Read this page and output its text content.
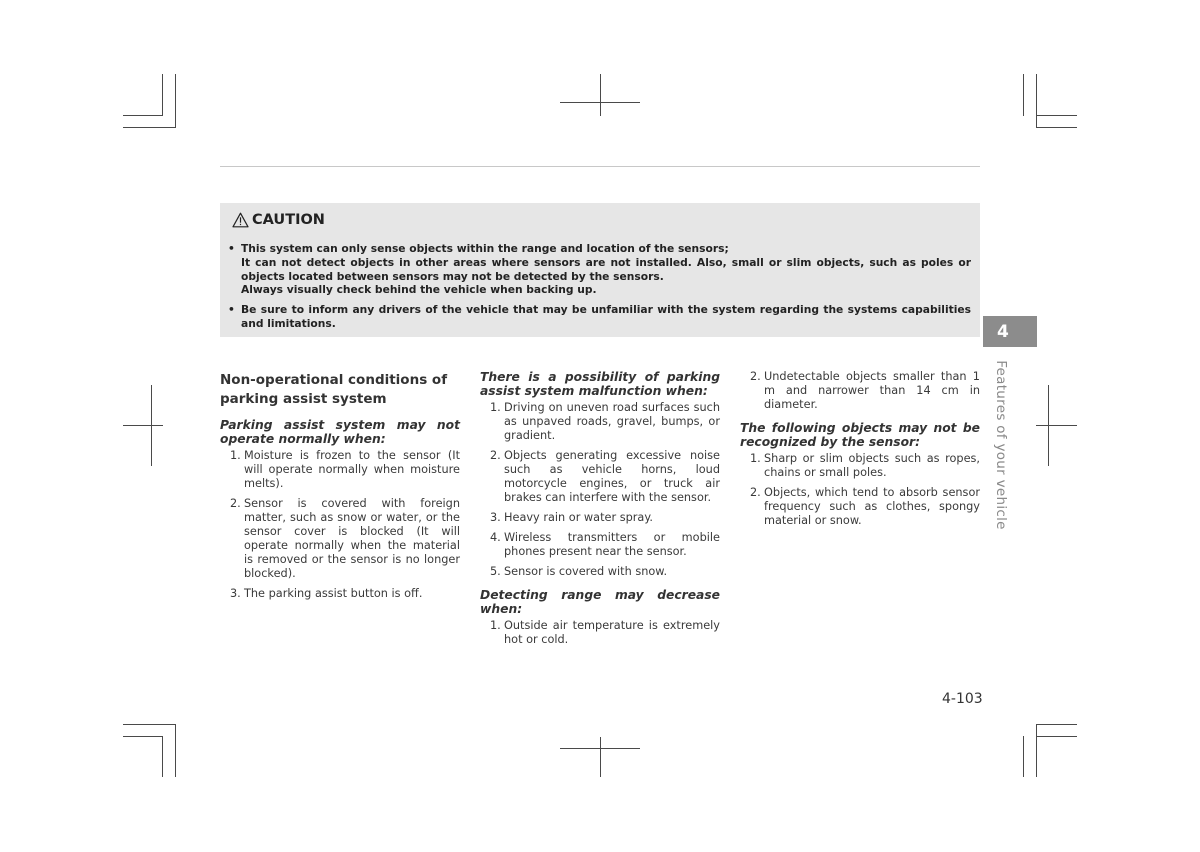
CAUTION
• This system can only sense objects within the range and location of the sensors;
It can not detect objects in other areas where sensors are not installed. Also, small or slim objects, such as poles or objects located between sensors may not be detected by the sensors.
Always visually check behind the vehicle when backing up.
• Be sure to inform any drivers of the vehicle that may be unfamiliar with the system regarding the systems capabilities and limitations.
Non-operational conditions of parking assist system
Parking assist system may not operate normally when:
1. Moisture is frozen to the sensor (It will operate normally when moisture melts).
2. Sensor is covered with foreign matter, such as snow or water, or the sensor cover is blocked (It will operate normally when the material is removed or the sensor is no longer blocked).
3. The parking assist button is off.
There is a possibility of parking assist system malfunction when:
1. Driving on uneven road surfaces such as unpaved roads, gravel, bumps, or gradient.
2. Objects generating excessive noise such as vehicle horns, loud motorcycle engines, or truck air brakes can interfere with the sensor.
3. Heavy rain or water spray.
4. Wireless transmitters or mobile phones present near the sensor.
5. Sensor is covered with snow.
Detecting range may decrease when:
1. Outside air temperature is extremely hot or cold.
2. Undetectable objects smaller than 1 m and narrower than 14 cm in diameter.
The following objects may not be recognized by the sensor:
1. Sharp or slim objects such as ropes, chains or small poles.
2. Objects, which tend to absorb sensor frequency such as clothes, spongy material or snow.
4
Features of your vehicle
4-103
